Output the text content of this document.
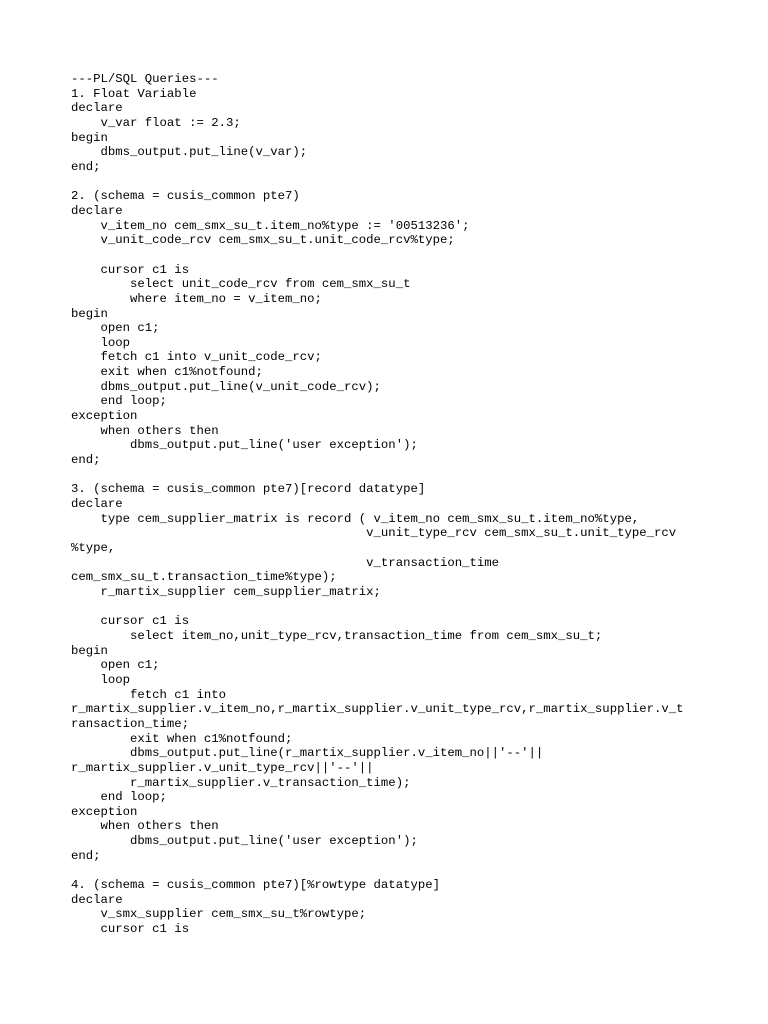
---PL/SQL Queries---
1. Float Variable
declare
v_var float := 2.3;
begin
dbms_output.put_line(v_var);
end;
2. (schema = cusis_common pte7)
declare
v_item_no cem_smx_su_t.item_no%type := '00513236';
v_unit_code_rcv cem_smx_su_t.unit_code_rcv%type;
cursor c1 is
select unit_code_rcv from cem_smx_su_t
where item_no = v_item_no;
begin
open c1;
loop
fetch c1 into v_unit_code_rcv;
exit when c1%notfound;
dbms_output.put_line(v_unit_code_rcv);
end loop;
exception
when others then
dbms_output.put_line('user exception');
end;
3. (schema = cusis_common pte7)[record datatype]
declare
type cem_supplier_matrix is record ( v_item_no cem_smx_su_t.item_no%type,
v_unit_type_rcv cem_smx_su_t.unit_type_rcv
%type,
v_transaction_time
cem_smx_su_t.transaction_time%type);
r_martix_supplier cem_supplier_matrix;
cursor c1 is
select item_no,unit_type_rcv,transaction_time from cem_smx_su_t;
begin
open c1;
loop
fetch c1 into
r_martix_supplier.v_item_no,r_martix_supplier.v_unit_type_rcv,r_martix_supplier.v_t
ransaction_time;
exit when c1%notfound;
dbms_output.put_line(r_martix_supplier.v_item_no||'--'||
r_martix_supplier.v_unit_type_rcv||'--'||
r_martix_supplier.v_transaction_time);
end loop;
exception
when others then
dbms_output.put_line('user exception');
end;
4. (schema = cusis_common pte7)[%rowtype datatype]
declare
v_smx_supplier cem_smx_su_t%rowtype;
cursor c1 is
